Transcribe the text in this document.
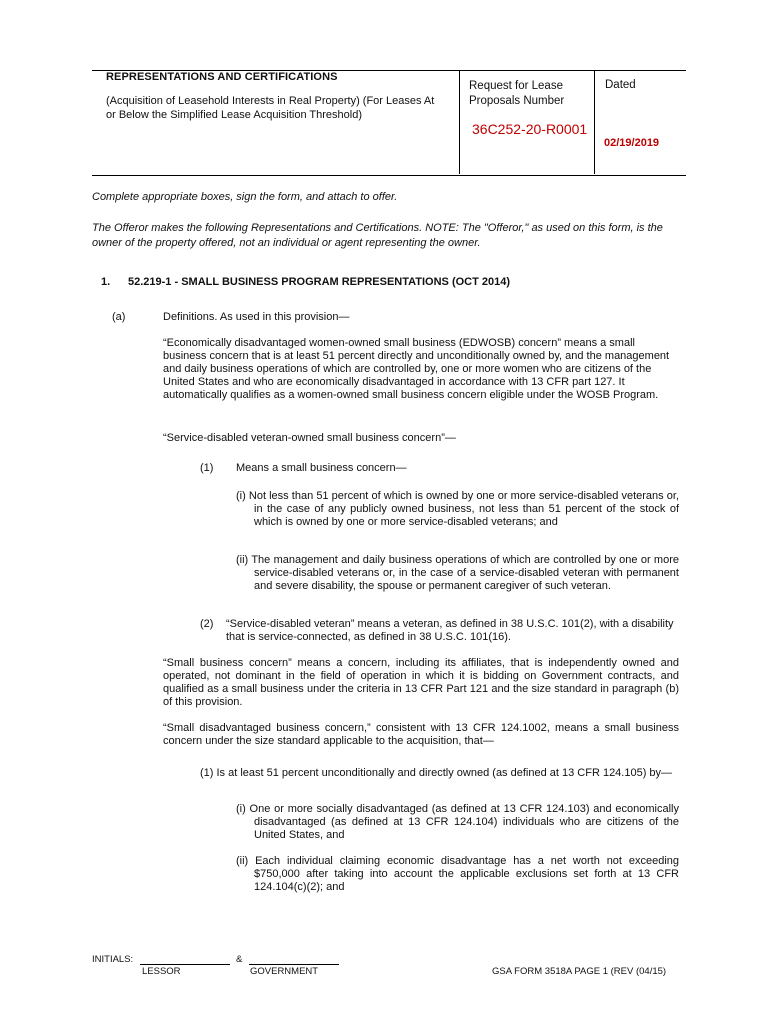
REPRESENTATIONS AND CERTIFICATIONS
(Acquisition of Leasehold Interests in Real Property) (For Leases At or Below the Simplified Lease Acquisition Threshold)
Request for Lease Proposals Number
36C252-20-R0001
Dated
02/19/2019
Complete appropriate boxes, sign the form, and attach to offer.
The Offeror makes the following Representations and Certifications. NOTE: The "Offeror," as used on this form, is the owner of the property offered, not an individual or agent representing the owner.
1. 52.219-1 - SMALL BUSINESS PROGRAM REPRESENTATIONS (OCT 2014)
(a)	Definitions. As used in this provision—
“Economically disadvantaged women-owned small business (EDWOSB) concern” means a small business concern that is at least 51 percent directly and unconditionally owned by, and the management and daily business operations of which are controlled by, one or more women who are citizens of the United States and who are economically disadvantaged in accordance with 13 CFR part 127. It automatically qualifies as a women-owned small business concern eligible under the WOSB Program.
“Service-disabled veteran-owned small business concern”—
(1) Means a small business concern—
(i) Not less than 51 percent of which is owned by one or more service-disabled veterans or, in the case of any publicly owned business, not less than 51 percent of the stock of which is owned by one or more service-disabled veterans; and
(ii) The management and daily business operations of which are controlled by one or more service-disabled veterans or, in the case of a service-disabled veteran with permanent and severe disability, the spouse or permanent caregiver of such veteran.
(2) “Service-disabled veteran” means a veteran, as defined in 38 U.S.C. 101(2), with a disability that is service-connected, as defined in 38 U.S.C. 101(16).
“Small business concern” means a concern, including its affiliates, that is independently owned and operated, not dominant in the field of operation in which it is bidding on Government contracts, and qualified as a small business under the criteria in 13 CFR Part 121 and the size standard in paragraph (b) of this provision.
“Small disadvantaged business concern,” consistent with 13 CFR 124.1002, means a small business concern under the size standard applicable to the acquisition, that—
(1) Is at least 51 percent unconditionally and directly owned (as defined at 13 CFR 124.105) by—
(i) One or more socially disadvantaged (as defined at 13 CFR 124.103) and economically disadvantaged (as defined at 13 CFR 124.104) individuals who are citizens of the United States, and
(ii) Each individual claiming economic disadvantage has a net worth not exceeding $750,000 after taking into account the applicable exclusions set forth at 13 CFR 124.104(c)(2); and
INITIALS:	&
LESSOR	GOVERNMENT	GSA FORM 3518A PAGE 1 (REV (04/15)
